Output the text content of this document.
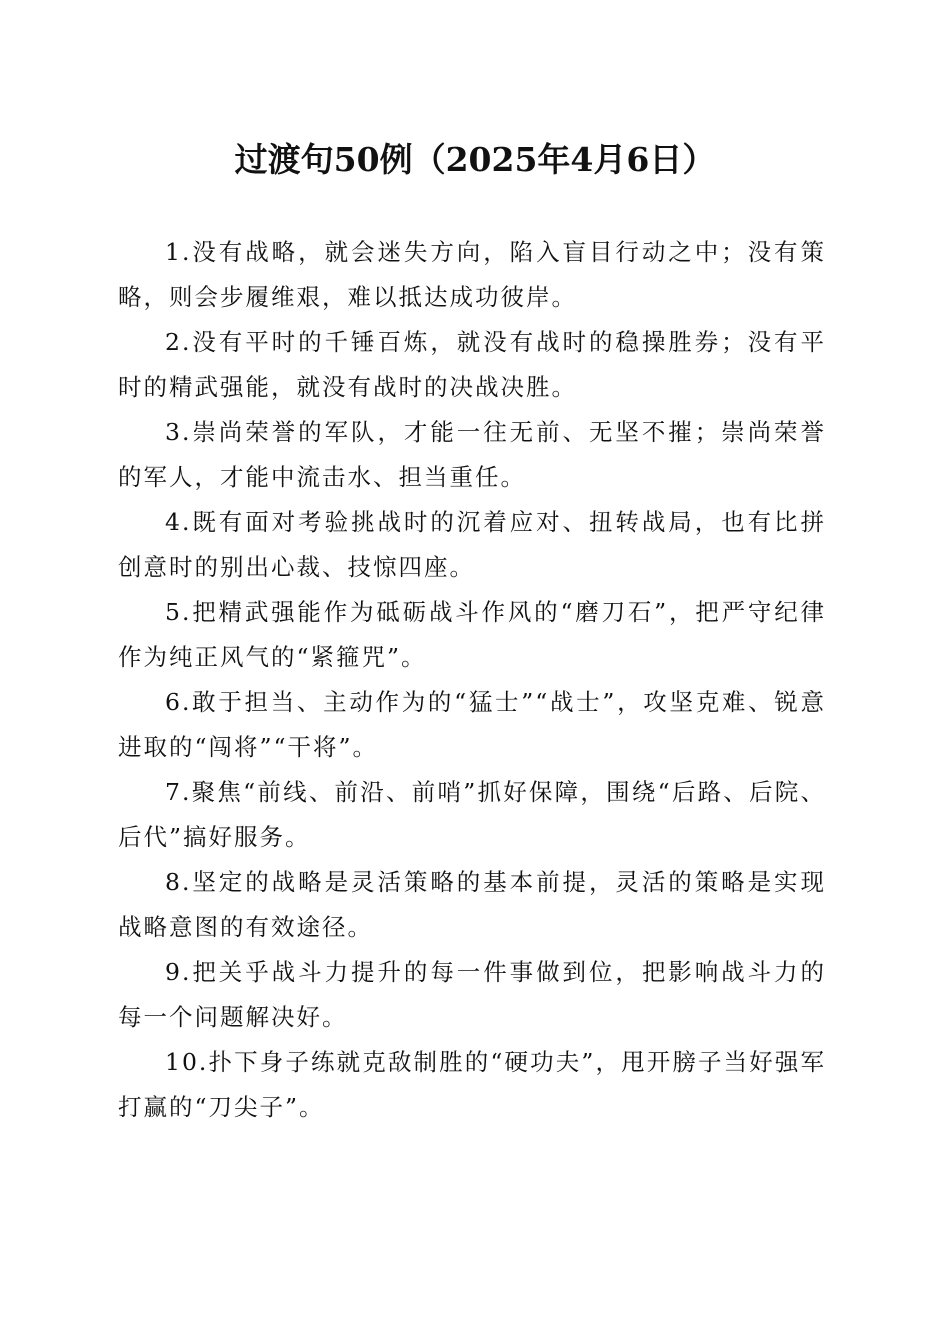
过渡句50例（2025年4月6日）

1.没有战略，就会迷失方向，陷入盲目行动之中；没有策略，则会步履维艰，难以抵达成功彼岸。

2.没有平时的千锤百炼，就没有战时的稳操胜券；没有平时的精武强能，就没有战时的决战决胜。

3.崇尚荣誉的军队，才能一往无前、无坚不摧；崇尚荣誉的军人，才能中流击水、担当重任。

4.既有面对考验挑战时的沉着应对、扭转战局，也有比拼创意时的别出心裁、技惊四座。

5.把精武强能作为砥砺战斗作风的“磨刀石”，把严守纪律作为纯正风气的“紧箍咒”。

6.敢于担当、主动作为的“猛士”“战士”，攻坚克难、锐意进取的“闯将”“干将”。

7.聚焦“前线、前沿、前哨”抓好保障，围绕“后路、后院、后代”搞好服务。

8.坚定的战略是灵活策略的基本前提，灵活的策略是实现战略意图的有效途径。

9.把关乎战斗力提升的每一件事做到位，把影响战斗力的每一个问题解决好。

10.扑下身子练就克敌制胜的“硬功夫”，甩开膀子当好强军打赢的“刀尖子”。
